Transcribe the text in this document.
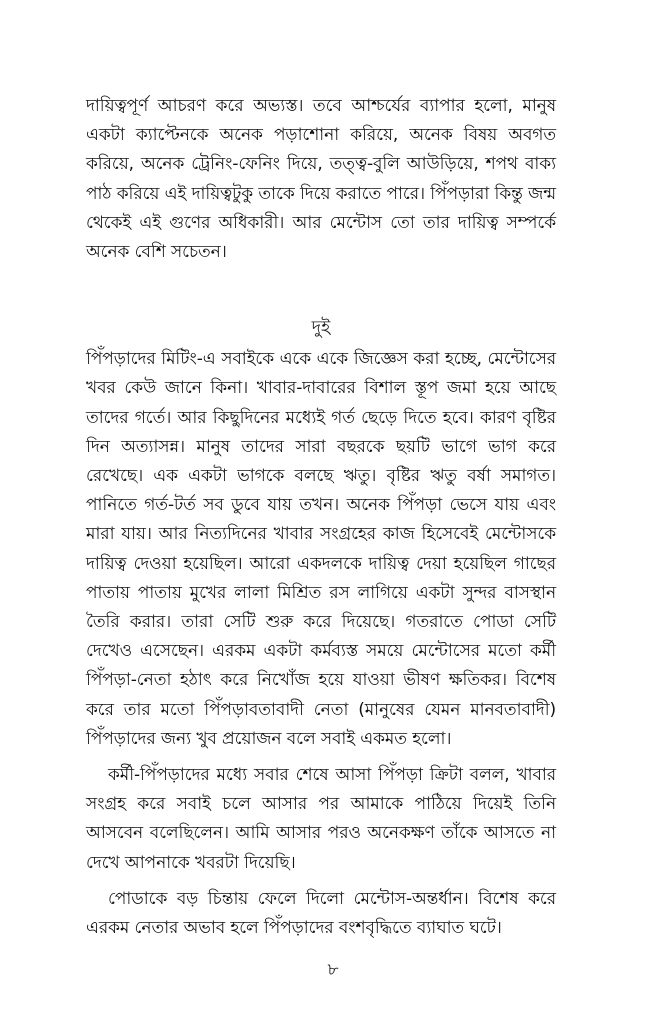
দায়িত্বপূর্ণ আচরণ করে অভ্যস্ত। তবে আশ্চর্যের ব্যাপার হলো, মানুষ একটা ক্যাপ্টেনকে অনেক পড়াশোনা করিয়ে, অনেক বিষয় অবগত করিয়ে, অনেক ট্রেনিং-ফেনিং দিয়ে, তত্ত্ব-বুলি আউড়িয়ে, শপথ বাক্য পাঠ করিয়ে এই দায়িত্বটুকু তাকে দিয়ে করাতে পারে। পিঁপড়ারা কিন্তু জন্ম থেকেই এই গুণের অধিকারী। আর মেন্টোস তো তার দায়িত্ব সম্পর্কে অনেক বেশি সচেতন।

দুই

পিঁপড়াদের মিটিং-এ সবাইকে একে একে জিজ্ঞেস করা হচ্ছে, মেন্টোসের খবর কেউ জানে কিনা। খাবার-দাবারের বিশাল স্তূপ জমা হয়ে আছে তাদের গর্তে। আর কিছুদিনের মধ্যেই গর্ত ছেড়ে দিতে হবে। কারণ বৃষ্টির দিন অত্যাসন্ন। মানুষ তাদের সারা বছরকে ছয়টি ভাগে ভাগ করে রেখেছে। এক একটা ভাগকে বলছে ঋতু। বৃষ্টির ঋতু বর্ষা সমাগত। পানিতে গর্ত-টর্ত সব ডুবে যায় তখন। অনেক পিঁপড়া ভেসে যায় এবং মারা যায়। আর নিত্যদিনের খাবার সংগ্রহের কাজ হিসেবেই মেন্টোসকে দায়িত্ব দেওয়া হয়েছিল। আরো একদলকে দায়িত্ব দেয়া হয়েছিল গাছের পাতায় পাতায় মুখের লালা মিশ্রিত রস লাগিয়ে একটা সুন্দর বাসস্থান তৈরি করার। তারা সেটি শুরু করে দিয়েছে। গতরাতে পোডা সেটি দেখেও এসেছেন। এরকম একটা কর্মব্যস্ত সময়ে মেন্টোসের মতো কর্মী পিঁপড়া-নেতা হঠাৎ করে নিখোঁজ হয়ে যাওয়া ভীষণ ক্ষতিকর। বিশেষ করে তার মতো পিঁপড়াবতাবাদী নেতা (মানুষের যেমন মানবতাবাদী) পিঁপড়াদের জন্য খুব প্রয়োজন বলে সবাই একমত হলো।

কর্মী-পিঁপড়াদের মধ্যে সবার শেষে আসা পিঁপড়া ক্রিটা বলল, খাবার সংগ্রহ করে সবাই চলে আসার পর আমাকে পাঠিয়ে দিয়েই তিনি আসবেন বলেছিলেন। আমি আসার পরও অনেকক্ষণ তাঁকে আসতে না দেখে আপনাকে খবরটা দিয়েছি।

পোডাকে বড় চিন্তায় ফেলে দিলো মেন্টোস-অন্তর্ধান। বিশেষ করে এরকম নেতার অভাব হলে পিঁপড়াদের বংশবৃদ্ধিতে ব্যাঘাত ঘটে।

৮
